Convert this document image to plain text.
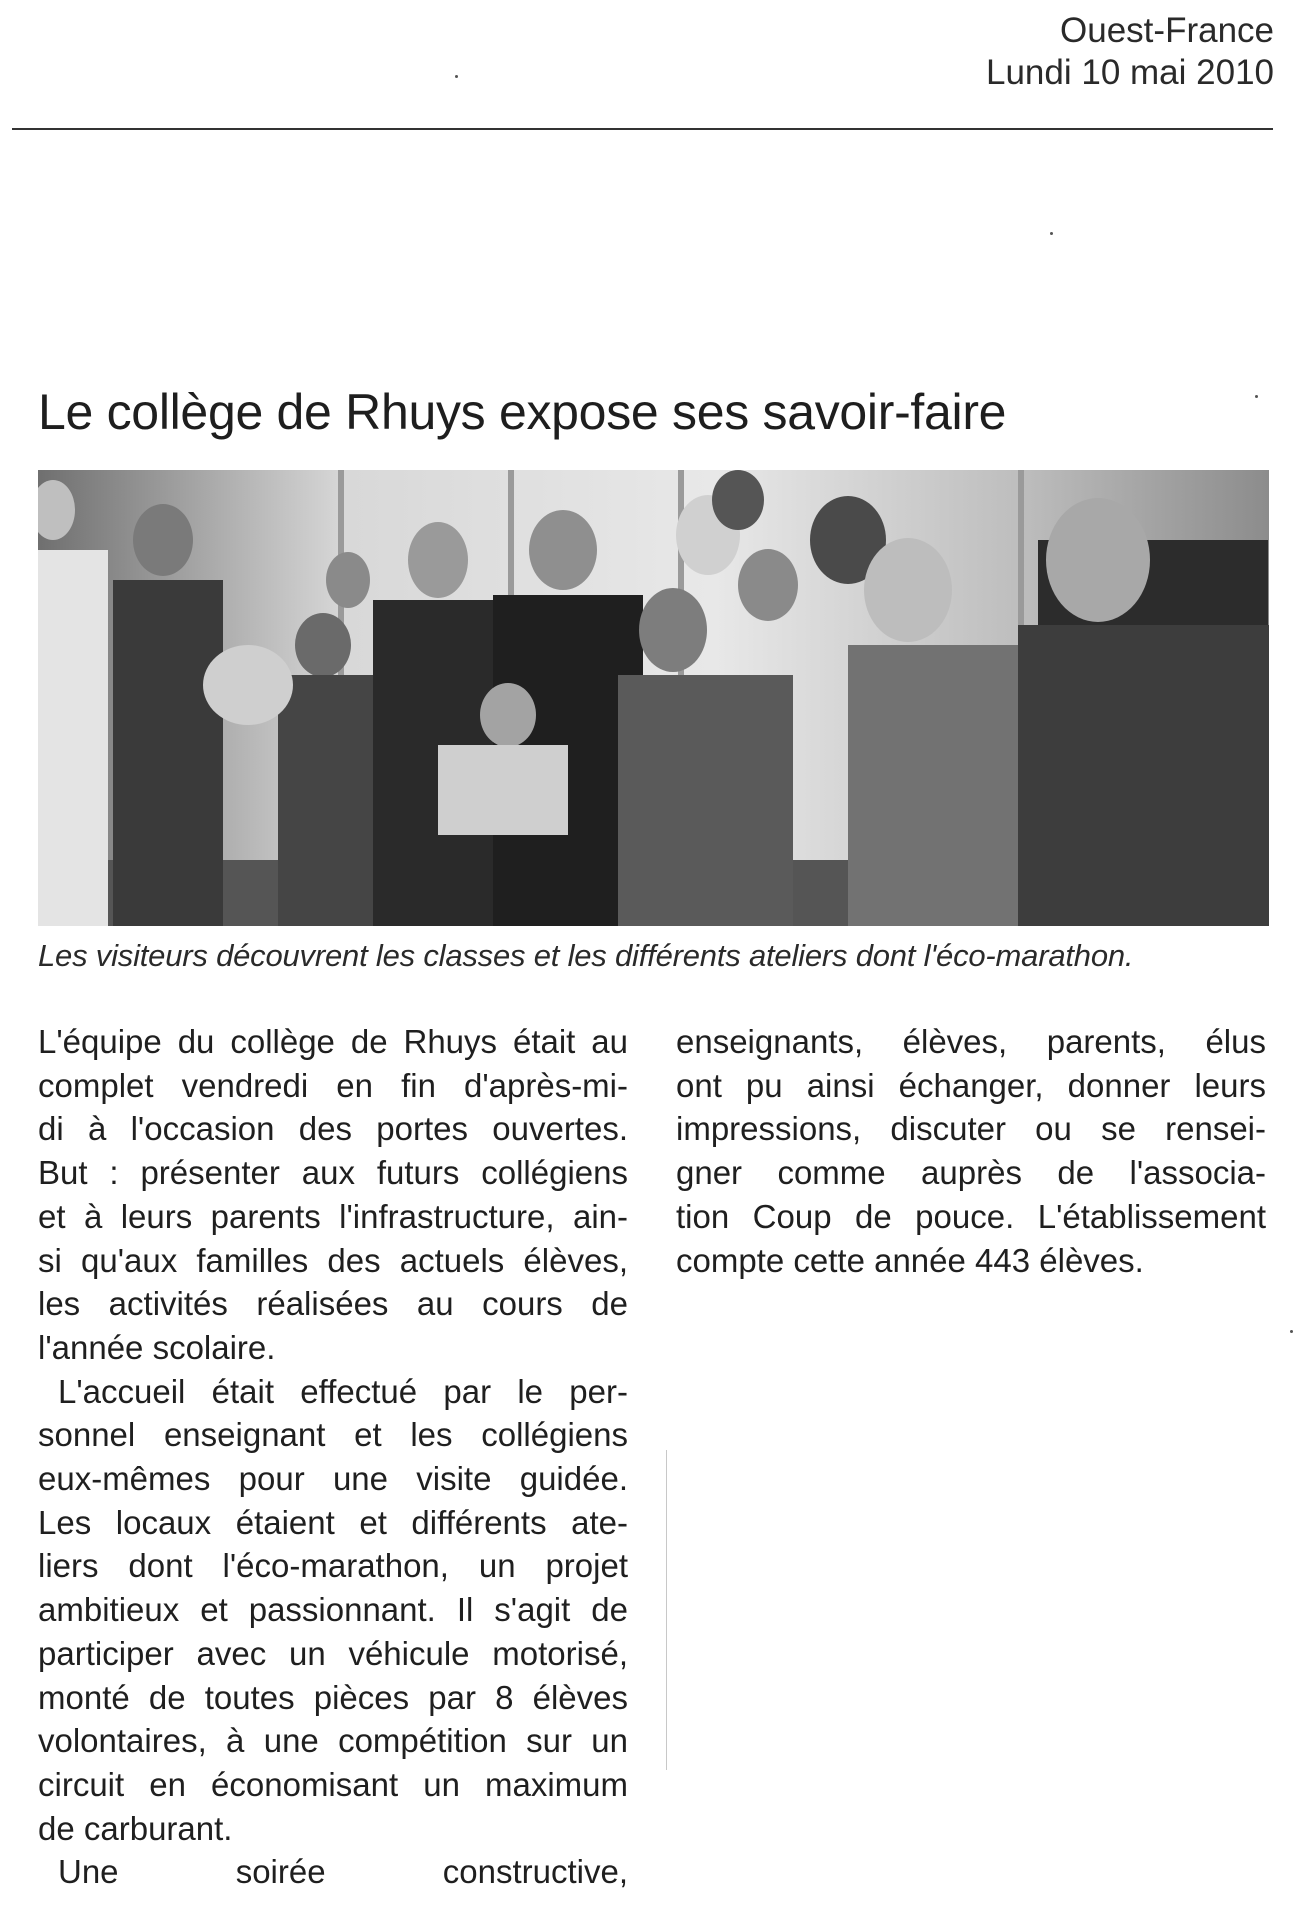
Ouest-France
Lundi 10 mai 2010
Le collège de Rhuys expose ses savoir-faire
Les visiteurs découvrent les classes et les différents ateliers dont l'éco-marathon.
L'équipe du collège de Rhuys était au
complet vendredi en fin d'après-mi-
di à l'occasion des portes ouvertes.
But : présenter aux futurs collégiens
et à leurs parents l'infrastructure, ain-
si qu'aux familles des actuels élèves,
les activités réalisées au cours de
l'année scolaire.
L'accueil était effectué par le per-
sonnel enseignant et les collégiens
eux-mêmes pour une visite guidée.
Les locaux étaient et différents ate-
liers dont l'éco-marathon, un projet
ambitieux et passionnant. Il s'agit de
participer avec un véhicule motorisé,
monté de toutes pièces par 8 élèves
volontaires, à une compétition sur un
circuit en économisant un maximum
de carburant.
Une soirée constructive,
enseignants, élèves, parents, élus
ont pu ainsi échanger, donner leurs
impressions, discuter ou se rensei-
gner comme auprès de l'associa-
tion Coup de pouce. L'établissement
compte cette année 443 élèves.
